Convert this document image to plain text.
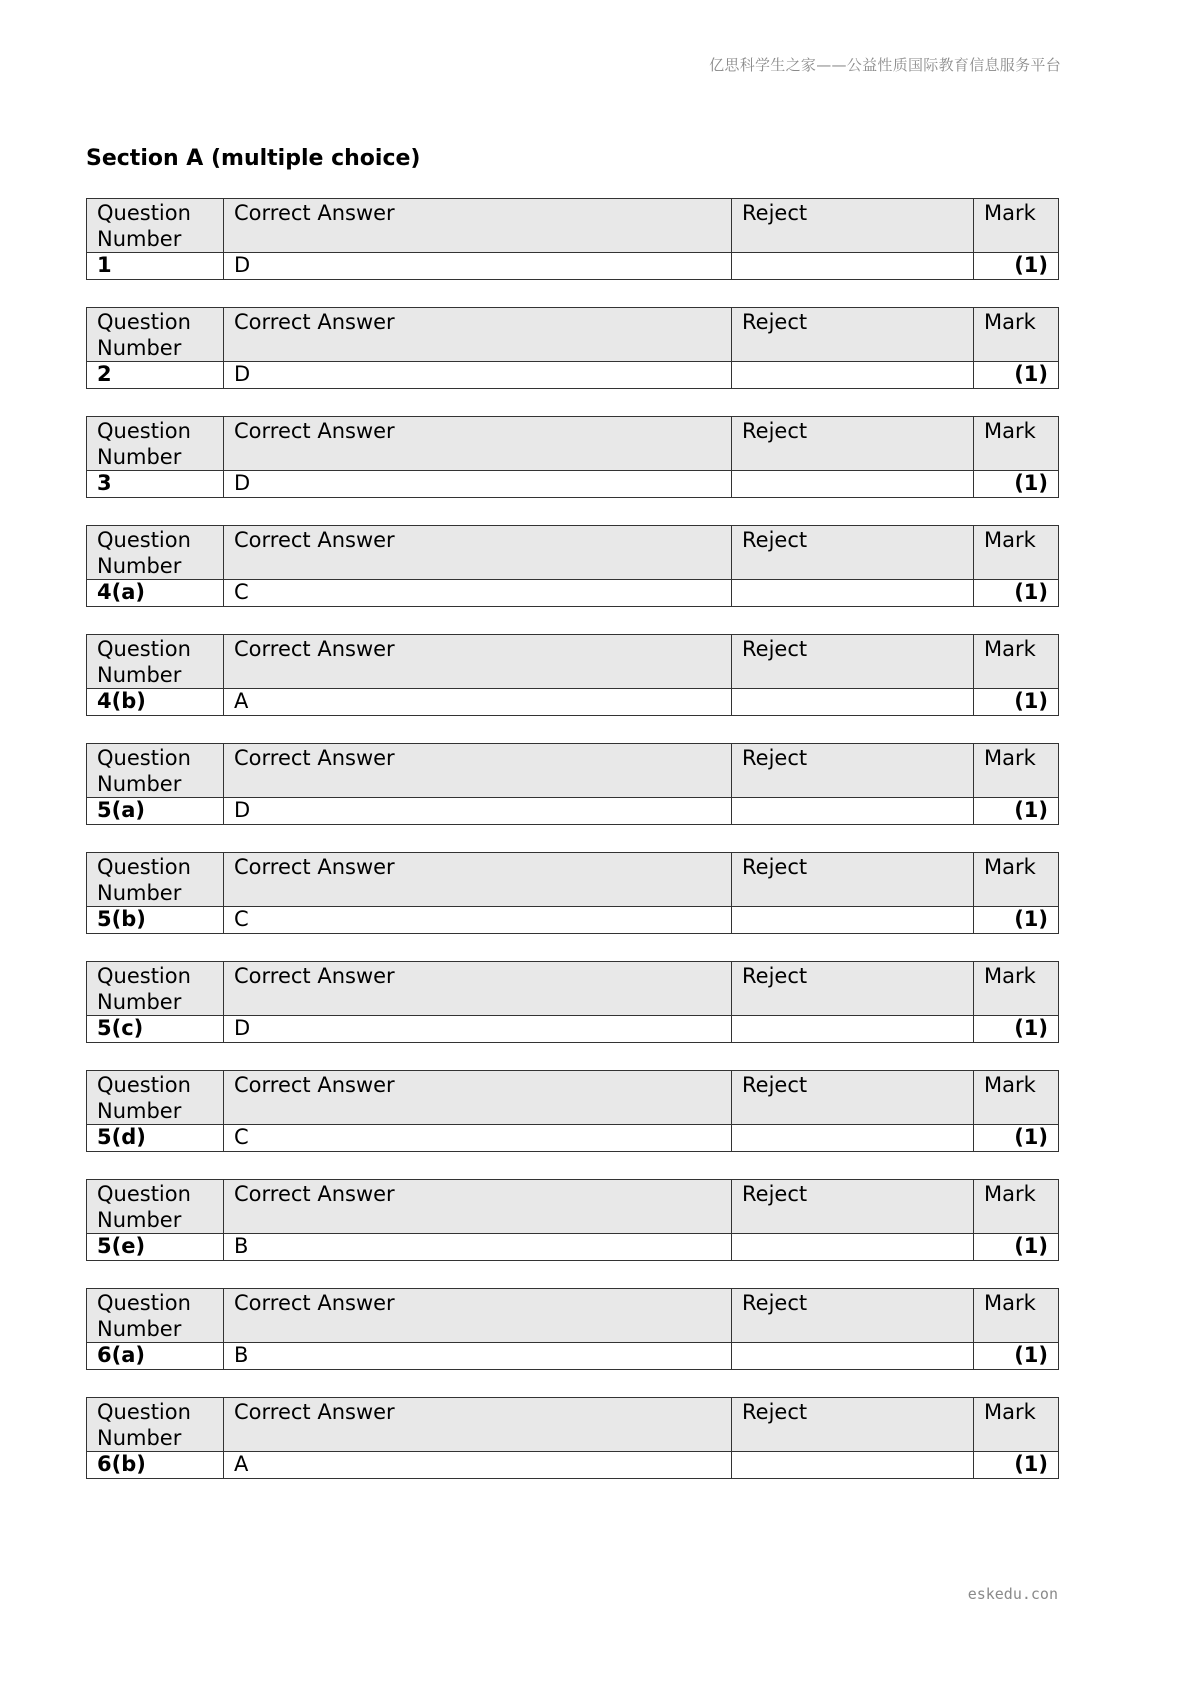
亿思科学生之家——公益性质国际教育信息服务平台
Section A (multiple choice)
Question Number	Correct Answer	Reject	Mark
1	D		(1)
Question Number	Correct Answer	Reject	Mark
2	D		(1)
Question Number	Correct Answer	Reject	Mark
3	D		(1)
Question Number	Correct Answer	Reject	Mark
4(a)	C		(1)
Question Number	Correct Answer	Reject	Mark
4(b)	A		(1)
Question Number	Correct Answer	Reject	Mark
5(a)	D		(1)
Question Number	Correct Answer	Reject	Mark
5(b)	C		(1)
Question Number	Correct Answer	Reject	Mark
5(c)	D		(1)
Question Number	Correct Answer	Reject	Mark
5(d)	C		(1)
Question Number	Correct Answer	Reject	Mark
5(e)	B		(1)
Question Number	Correct Answer	Reject	Mark
6(a)	B		(1)
Question Number	Correct Answer	Reject	Mark
6(b)	A		(1)
eskedu.con
